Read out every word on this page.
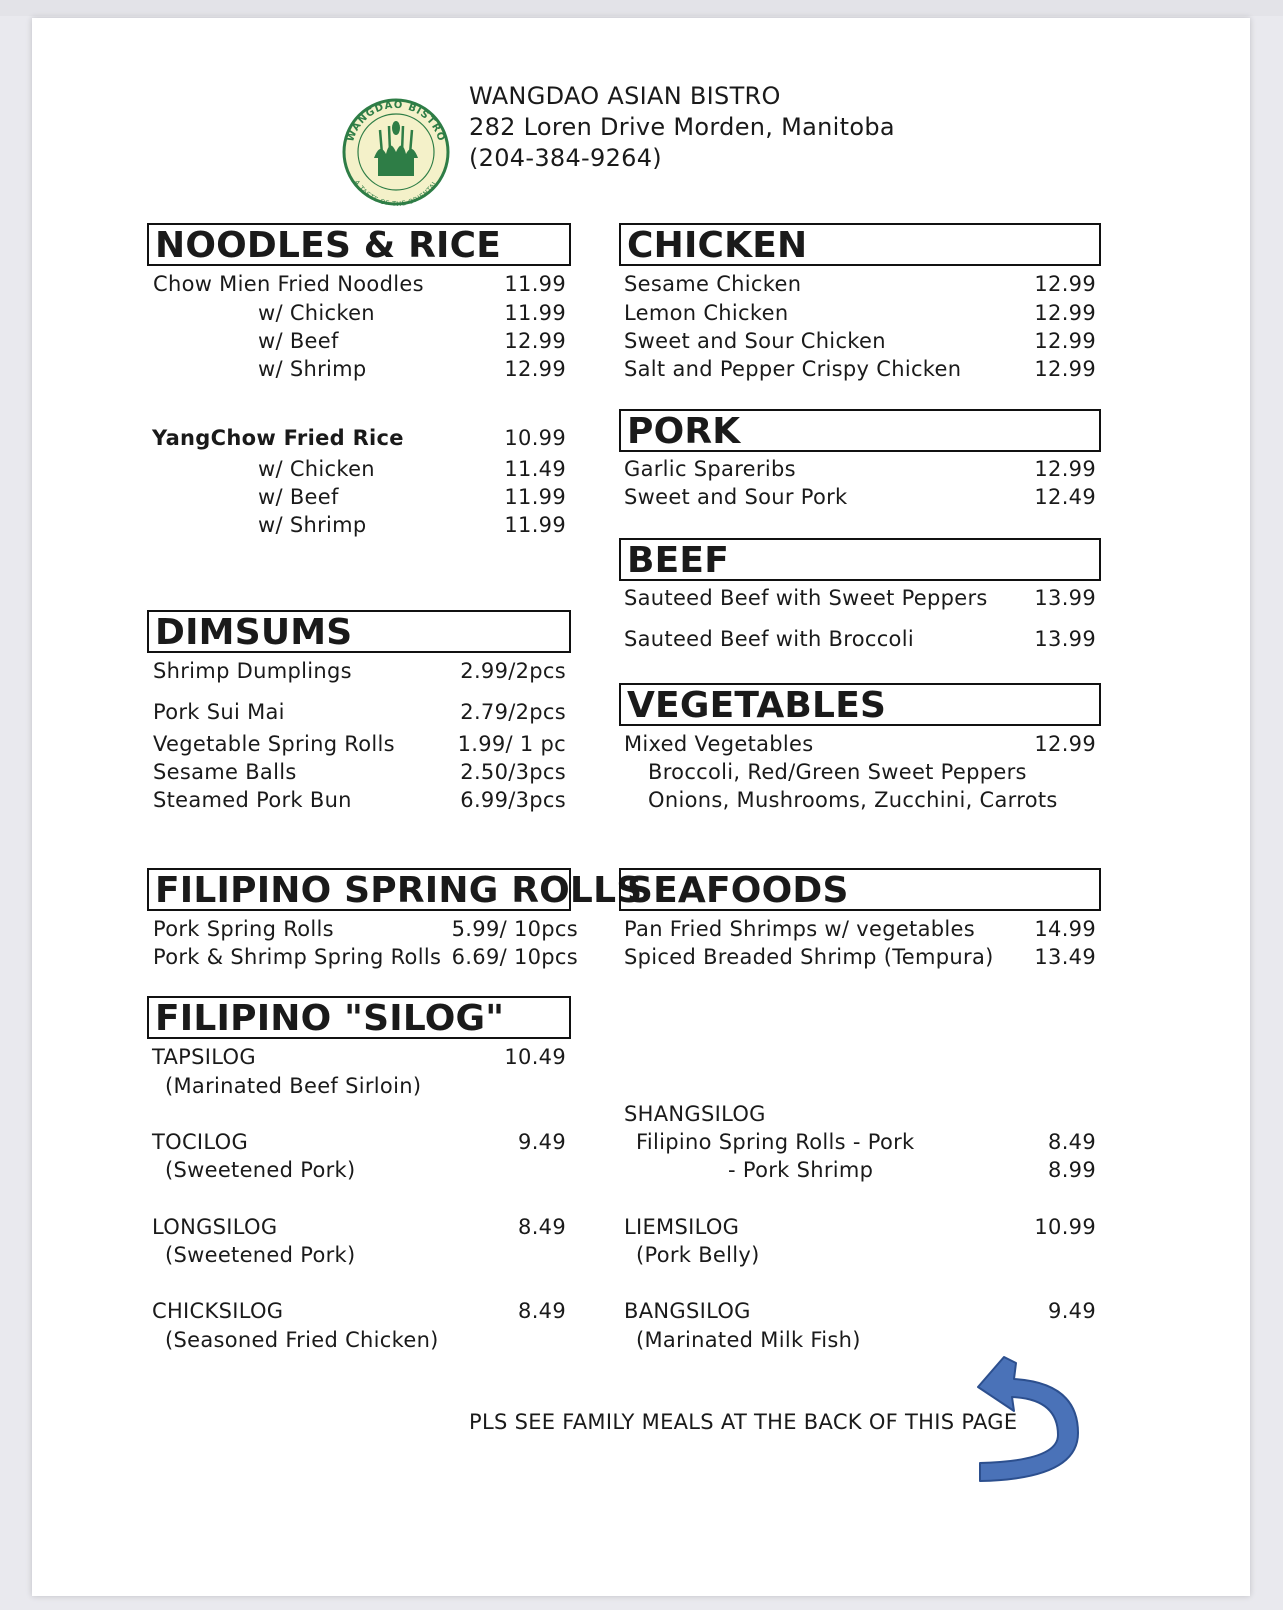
WANGDAO BISTRO
A TASTE OF THE ORIENTAL
WANGDAO ASIAN BISTRO
282 Loren Drive Morden, Manitoba
(204-384-9264)
NOODLES & RICE
Chow Mien Fried Noodles	11.99
w/ Chicken	11.99
w/ Beef	12.99
w/ Shrimp	12.99
YangChow Fried Rice	10.99
w/ Chicken	11.49
w/ Beef	11.99
w/ Shrimp	11.99
DIMSUMS
Shrimp Dumplings	2.99/2pcs
Pork Sui Mai	2.79/2pcs
Vegetable Spring Rolls	1.99/ 1 pc
Sesame Balls	2.50/3pcs
Steamed Pork Bun	6.99/3pcs
FILIPINO SPRING ROLLS
Pork Spring Rolls	5.99/ 10pcs
Pork & Shrimp Spring Rolls 6.69/ 10pcs
FILIPINO "SILOG"
TAPSILOG	10.49
(Marinated Beef Sirloin)
TOCILOG	9.49
(Sweetened Pork)
LONGSILOG	8.49
(Sweetened Pork)
CHICKSILOG	8.49
(Seasoned Fried Chicken)
CHICKEN
Sesame Chicken	12.99
Lemon Chicken	12.99
Sweet and Sour Chicken	12.99
Salt and Pepper Crispy Chicken	12.99
PORK
Garlic Spareribs	12.99
Sweet and Sour Pork	12.49
BEEF
Sauteed Beef with Sweet Peppers	13.99
Sauteed Beef with Broccoli	13.99
VEGETABLES
Mixed Vegetables	12.99
Broccoli, Red/Green Sweet Peppers
Onions, Mushrooms, Zucchini, Carrots
SEAFOODS
Pan Fried Shrimps w/ vegetables	14.99
Spiced Breaded Shrimp (Tempura)	13.49
SHANGSILOG
Filipino Spring Rolls - Pork	8.49
- Pork Shrimp	8.99
LIEMSILOG	10.99
(Pork Belly)
BANGSILOG	9.49
(Marinated Milk Fish)
PLS SEE FAMILY MEALS AT THE BACK OF THIS PAGE
